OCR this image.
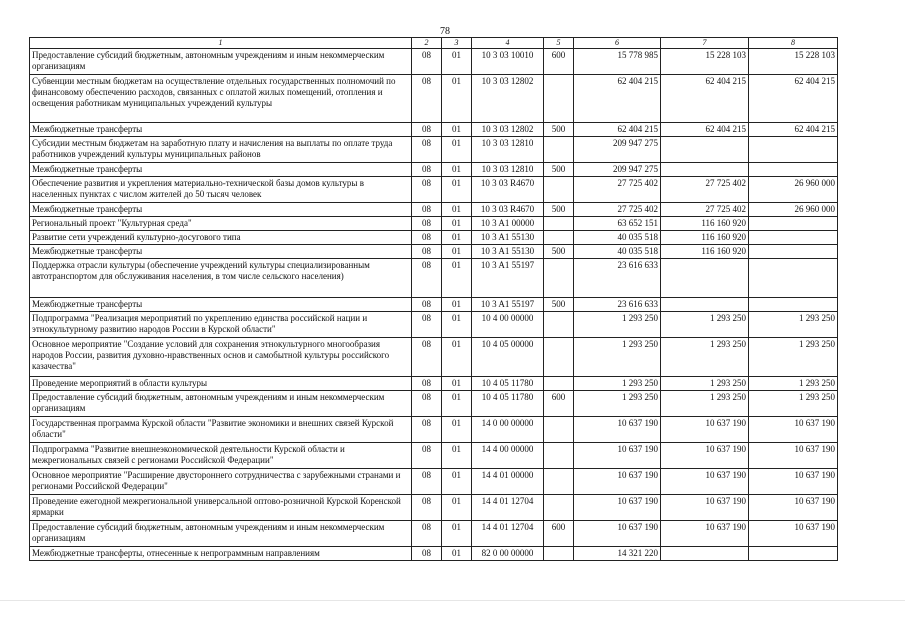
78
1	2	3	4	5	6	7	8
Предоставление субсидий бюджетным, автономным учреждениям и иным некоммерческим организациям	08	01	10 3 03 10010	600	15 778 985	15 228 103	15 228 103
Субвенции местным бюджетам на осуществление отдельных государственных полномочий по финансовому обеспечению расходов, связанных с оплатой жилых помещений, отопления и освещения работникам муниципальных учреждений культуры	08	01	10 3 03 12802		62 404 215	62 404 215	62 404 215
Межбюджетные трансферты	08	01	10 3 03 12802	500	62 404 215	62 404 215	62 404 215
Субсидии местным бюджетам на заработную плату и начисления на выплаты по оплате труда работников учреждений культуры муниципальных районов	08	01	10 3 03 12810		209 947 275		
Межбюджетные трансферты	08	01	10 3 03 12810	500	209 947 275		
Обеспечение развития и укрепления материально-технической базы домов культуры в населенных пунктах с числом жителей до 50 тысяч человек	08	01	10 3 03 R4670		27 725 402	27 725 402	26 960 000
Межбюджетные трансферты	08	01	10 3 03 R4670	500	27 725 402	27 725 402	26 960 000
Региональный проект "Культурная среда"	08	01	10 3 A1 00000		63 652 151	116 160 920	
Развитие сети учреждений культурно-досугового типа	08	01	10 3 A1 55130		40 035 518	116 160 920	
Межбюджетные трансферты	08	01	10 3 A1 55130	500	40 035 518	116 160 920	
Поддержка отрасли культуры (обеспечение учреждений культуры специализированным автотранспортом для обслуживания населения, в том числе сельского населения)	08	01	10 3 A1 55197		23 616 633		
Межбюджетные трансферты	08	01	10 3 A1 55197	500	23 616 633		
Подпрограмма "Реализация мероприятий по укреплению единства российской нации и этнокультурному развитию народов России в Курской области"	08	01	10 4 00 00000		1 293 250	1 293 250	1 293 250
Основное мероприятие "Создание условий для сохранения этнокультурного многообразия народов России, развития духовно-нравственных основ и самобытной культуры российского казачества"	08	01	10 4 05 00000		1 293 250	1 293 250	1 293 250
Проведение мероприятий в области культуры	08	01	10 4 05 11780		1 293 250	1 293 250	1 293 250
Предоставление субсидий бюджетным, автономным учреждениям и иным некоммерческим организациям	08	01	10 4 05 11780	600	1 293 250	1 293 250	1 293 250
Государственная программа Курской области "Развитие экономики и внешних связей Курской области"	08	01	14 0 00 00000		10 637 190	10 637 190	10 637 190
Подпрограмма "Развитие внешнеэкономической деятельности Курской области и межрегиональных связей с регионами Российской Федерации"	08	01	14 4 00 00000		10 637 190	10 637 190	10 637 190
Основное мероприятие "Расширение двустороннего сотрудничества с зарубежными странами и регионами Российской Федерации"	08	01	14 4 01 00000		10 637 190	10 637 190	10 637 190
Проведение ежегодной межрегиональной универсальной оптово-розничной Курской Коренской ярмарки	08	01	14 4 01 12704		10 637 190	10 637 190	10 637 190
Предоставление субсидий бюджетным, автономным учреждениям и иным некоммерческим организациям	08	01	14 4 01 12704	600	10 637 190	10 637 190	10 637 190
Межбюджетные трансферты, отнесенные к непрограммным направлениям	08	01	82 0 00 00000		14 321 220		
